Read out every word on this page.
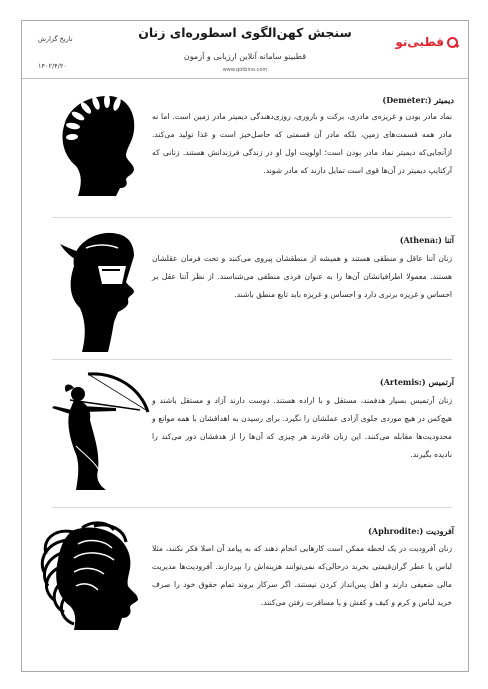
قطبی‌نو
سنجش کهن‌الگوی اسطوره‌ای زنان
قطبینو سامانه آنلاین ارزیابی و آزمون
www.qotbino.com
تاریخ گزارش
۱۴۰۲/۴/۲۰
دیمیتر (:Demeter)
نماد مادر بودن و غریزه‌ی مادری، برکت و باروری، روزی‌دهندگی دیمیتر مادر زمین است. اما نه مادر همه قسمت‌های زمین، بلکه مادر آن قسمتی که حاصل‌خیز است و غذا تولید می‌کند. ازآنجایی‌که دیمیتر نماد مادر بودن است؛ اولویت اول او در زندگی فرزندانش هستند. زنانی که آرکتایپ دیمیتر در آن‌ها قوی است تمایل دارند که مادر شوند.
آتنا (:Athena)
زنان آتنا عاقل و منطقی هستند و همیشه از منطقشان پیروی می‌کنند و تحت فرمان عقلشان هستند. معمولا اطرافیانشان آن‌ها را به عنوان فردی منطقی می‌شناسند. از نظر آتنا عقل بر احساس و غریزه برتری دارد و احساس و غریزه باید تابع منطق باشند.
آرتمیس (:Artemis)
زنان آرتمیس بسیار هدفمند، مستقل و با اراده هستند. دوست دارند آزاد و مستقل باشند و هیچ‌کس در هیچ موردی جلوی آزادی عملشان را نگیرد. برای رسیدن به اهدافشان با همه موانع و محدودیت‌ها مقابله می‌کنند. این زنان قادرند هر چیزی که آن‌ها را از هدفشان دور می‌کند را نادیده بگیرند.
آفرودیت (:Aphrodite)
زنان آفرودیت در یک لحظه ممکن است کارهایی انجام دهند که به پیامد آن اصلا فکر نکنند، مثلا لباس یا عطر گران‌قیمتی بخرند درحالی‌که نمی‌توانند هزینه‌اش را بپردازند. آفرودیت‌ها مدیریت مالی ضعیفی دارند و اهل پس‌انداز کردن نیستند. اگر سرکار بروند تمام حقوق خود را صرف خرید لباس و کرم و کیف و کفش و یا مسافرت رفتن می‌کنند.
